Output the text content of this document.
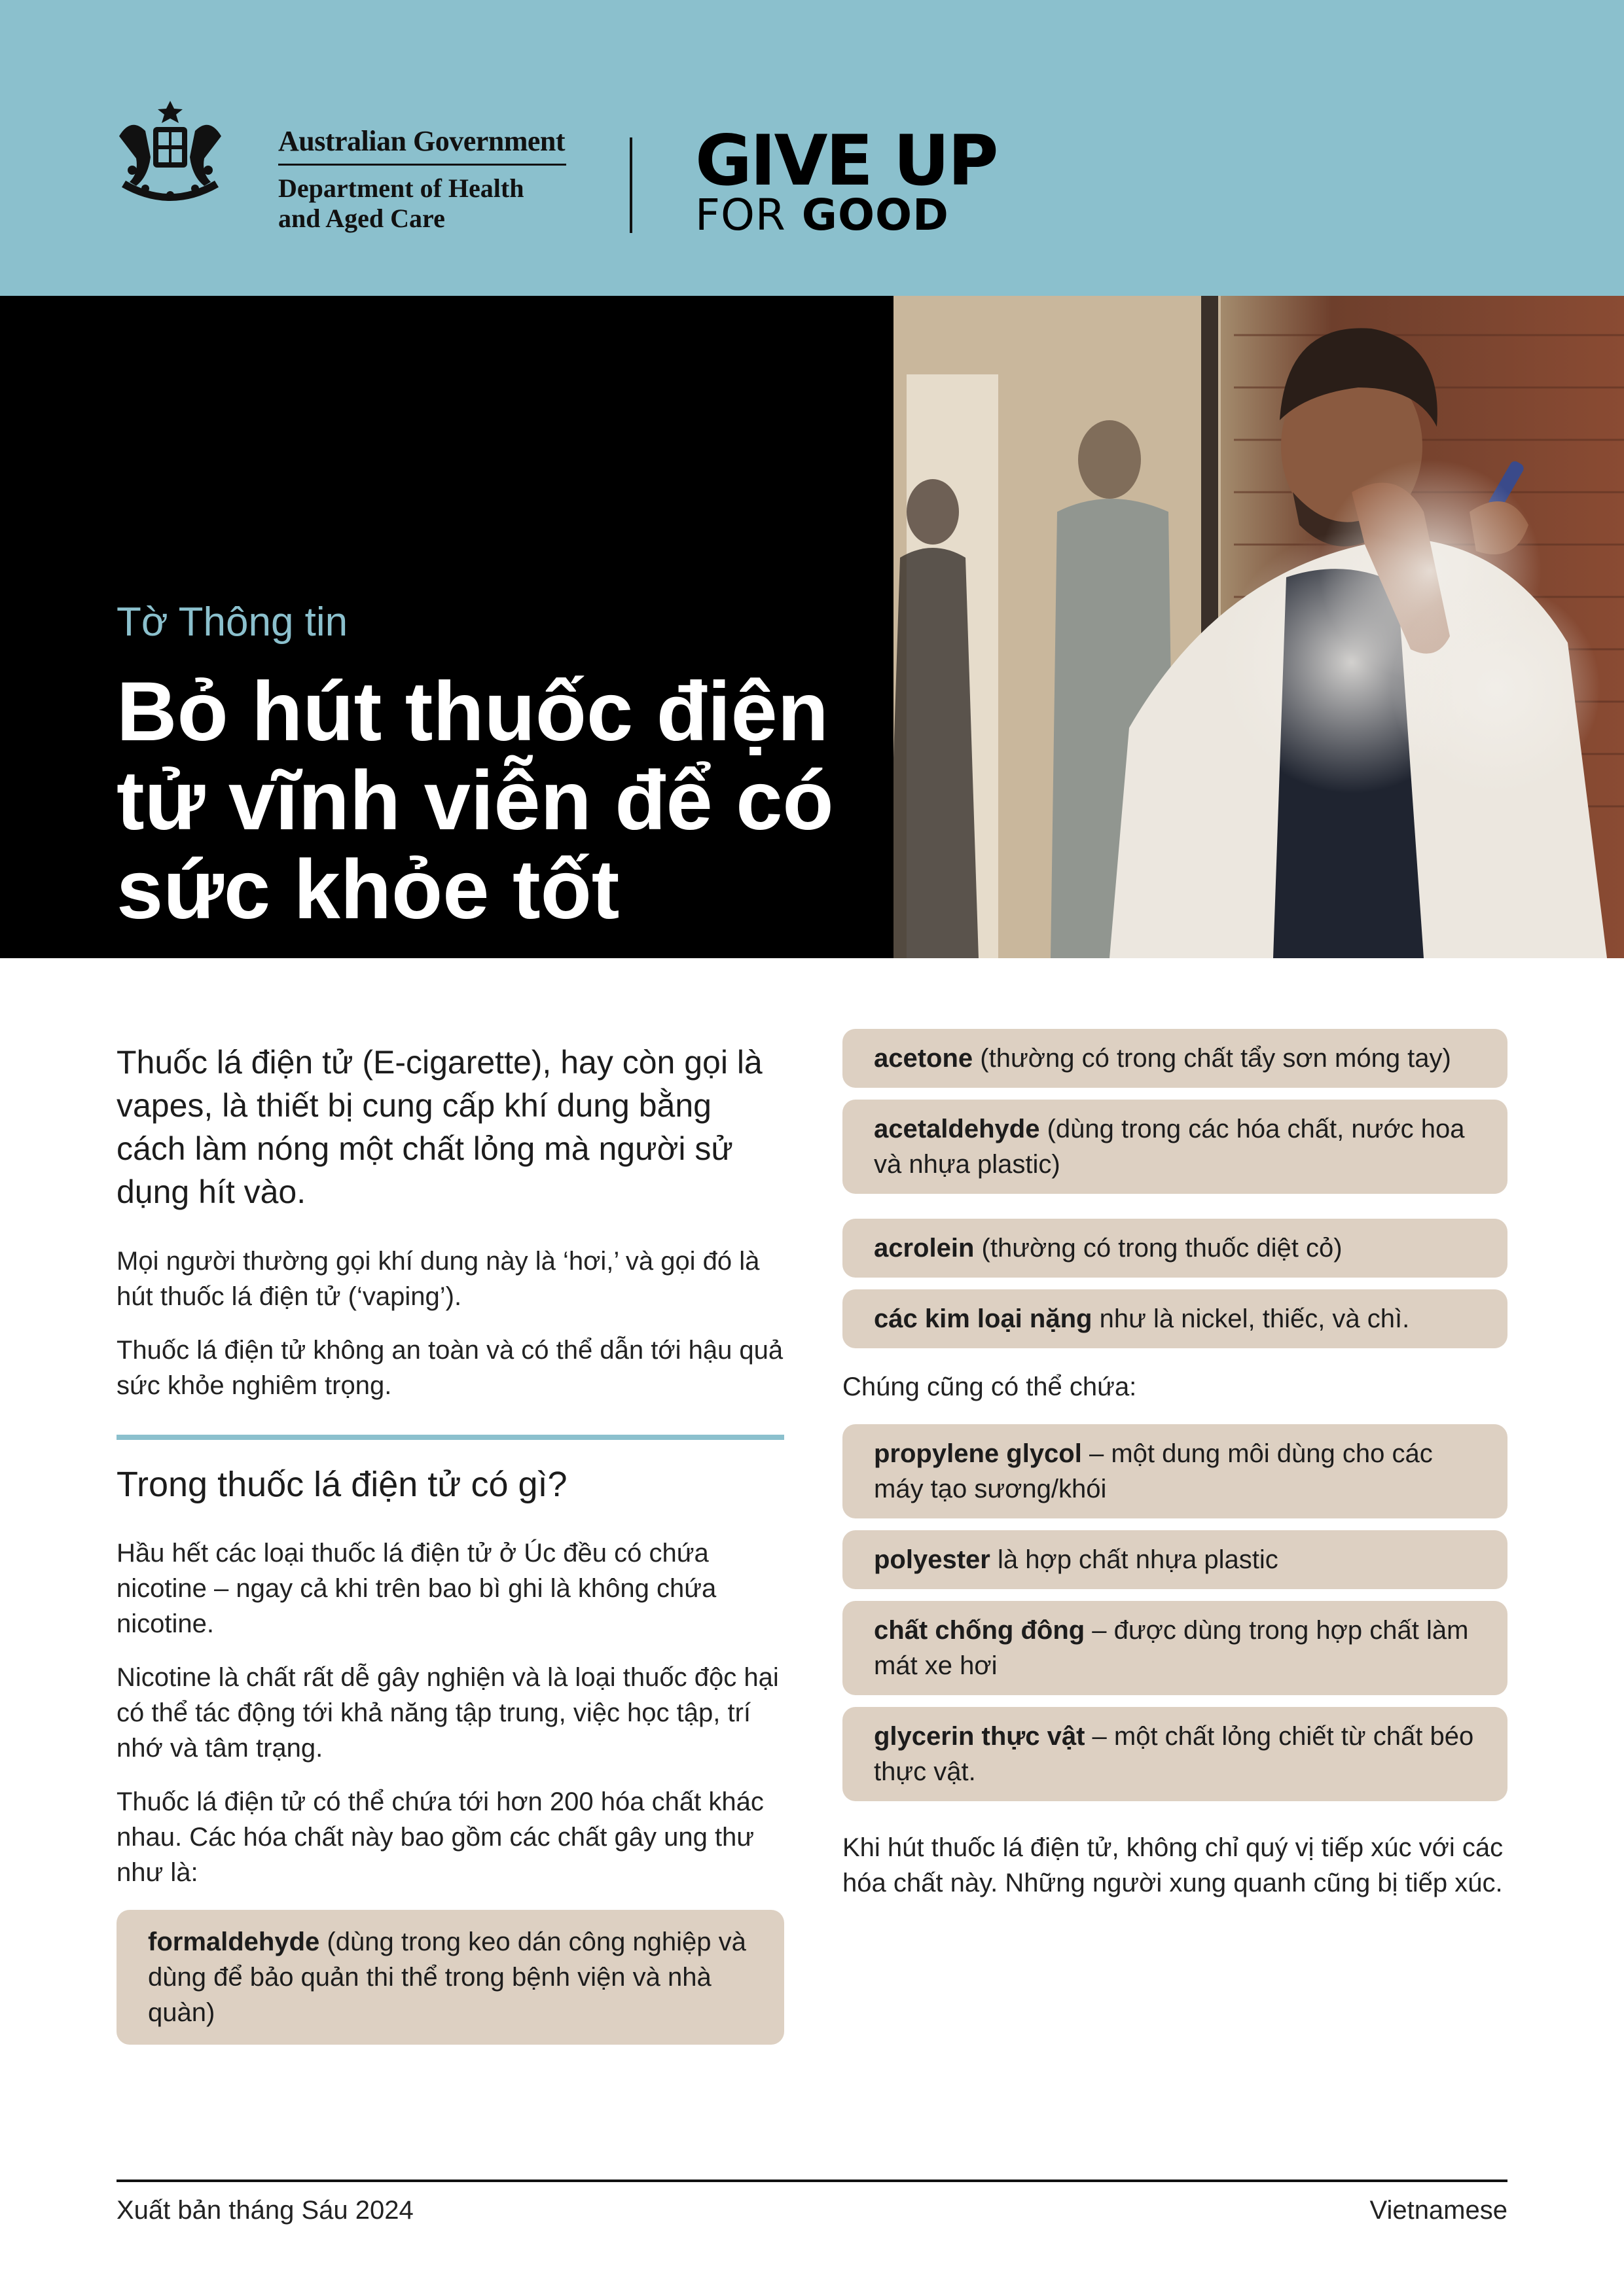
Australian Government
Department of Health
and Aged Care
GIVE UP
FOR GOOD
Tờ Thông tin
Bỏ hút thuốc điện tử vĩnh viễn để có sức khỏe tốt

Thuốc lá điện tử (E-cigarette), hay còn gọi là vapes, là thiết bị cung cấp khí dung bằng cách làm nóng một chất lỏng mà người sử dụng hít vào.

Mọi người thường gọi khí dung này là ‘hơi,’ và gọi đó là hút thuốc lá điện tử (‘vaping’).

Thuốc lá điện tử không an toàn và có thể dẫn tới hậu quả sức khỏe nghiêm trọng.

Trong thuốc lá điện tử có gì?

Hầu hết các loại thuốc lá điện tử ở Úc đều có chứa nicotine – ngay cả khi trên bao bì ghi là không chứa nicotine.

Nicotine là chất rất dễ gây nghiện và là loại thuốc độc hại có thể tác động tới khả năng tập trung, việc học tập, trí nhớ và tâm trạng.

Thuốc lá điện tử có thể chứa tới hơn 200 hóa chất khác nhau. Các hóa chất này bao gồm các chất gây ung thư như là:

formaldehyde (dùng trong keo dán công nghiệp và dùng để bảo quản thi thể trong bệnh viện và nhà quàn)
acetone (thường có trong chất tẩy sơn móng tay)
acetaldehyde (dùng trong các hóa chất, nước hoa và nhựa plastic)
acrolein (thường có trong thuốc diệt cỏ)
các kim loại nặng như là nickel, thiếc, và chì.

Chúng cũng có thể chứa:

propylene glycol – một dung môi dùng cho các máy tạo sương/khói
polyester là hợp chất nhựa plastic
chất chống đông – được dùng trong hợp chất làm mát xe hơi
glycerin thực vật – một chất lỏng chiết từ chất béo thực vật.

Khi hút thuốc lá điện tử, không chỉ quý vị tiếp xúc với các hóa chất này. Những người xung quanh cũng bị tiếp xúc.

Xuất bản tháng Sáu 2024	Vietnamese
